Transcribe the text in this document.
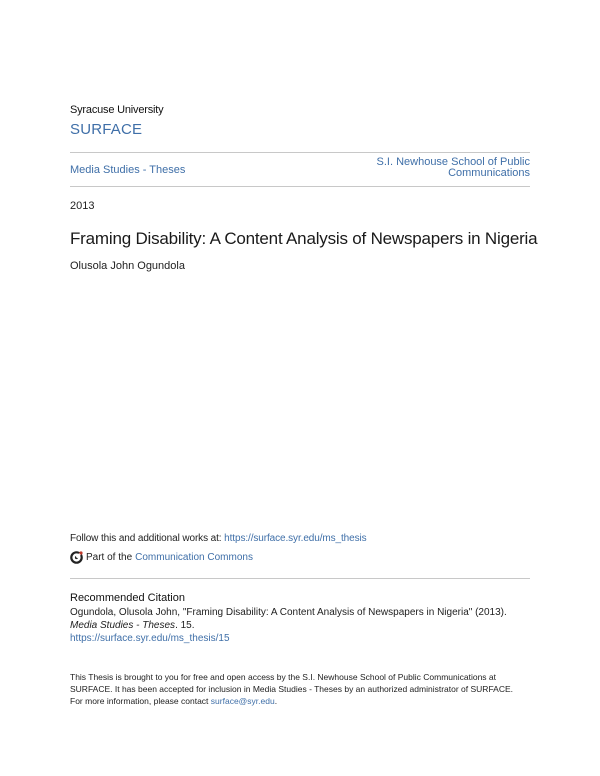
Syracuse University
SURFACE
Media Studies - Theses
S.I. Newhouse School of Public
Communications
2013
Framing Disability: A Content Analysis of Newspapers in Nigeria
Olusola John Ogundola
Follow this and additional works at: https://surface.syr.edu/ms_thesis
Part of the Communication Commons
Recommended Citation
Ogundola, Olusola John, "Framing Disability: A Content Analysis of Newspapers in Nigeria" (2013). Media Studies - Theses. 15.
https://surface.syr.edu/ms_thesis/15
This Thesis is brought to you for free and open access by the S.I. Newhouse School of Public Communications at
SURFACE. It has been accepted for inclusion in Media Studies - Theses by an authorized administrator of SURFACE.
For more information, please contact surface@syr.edu.
